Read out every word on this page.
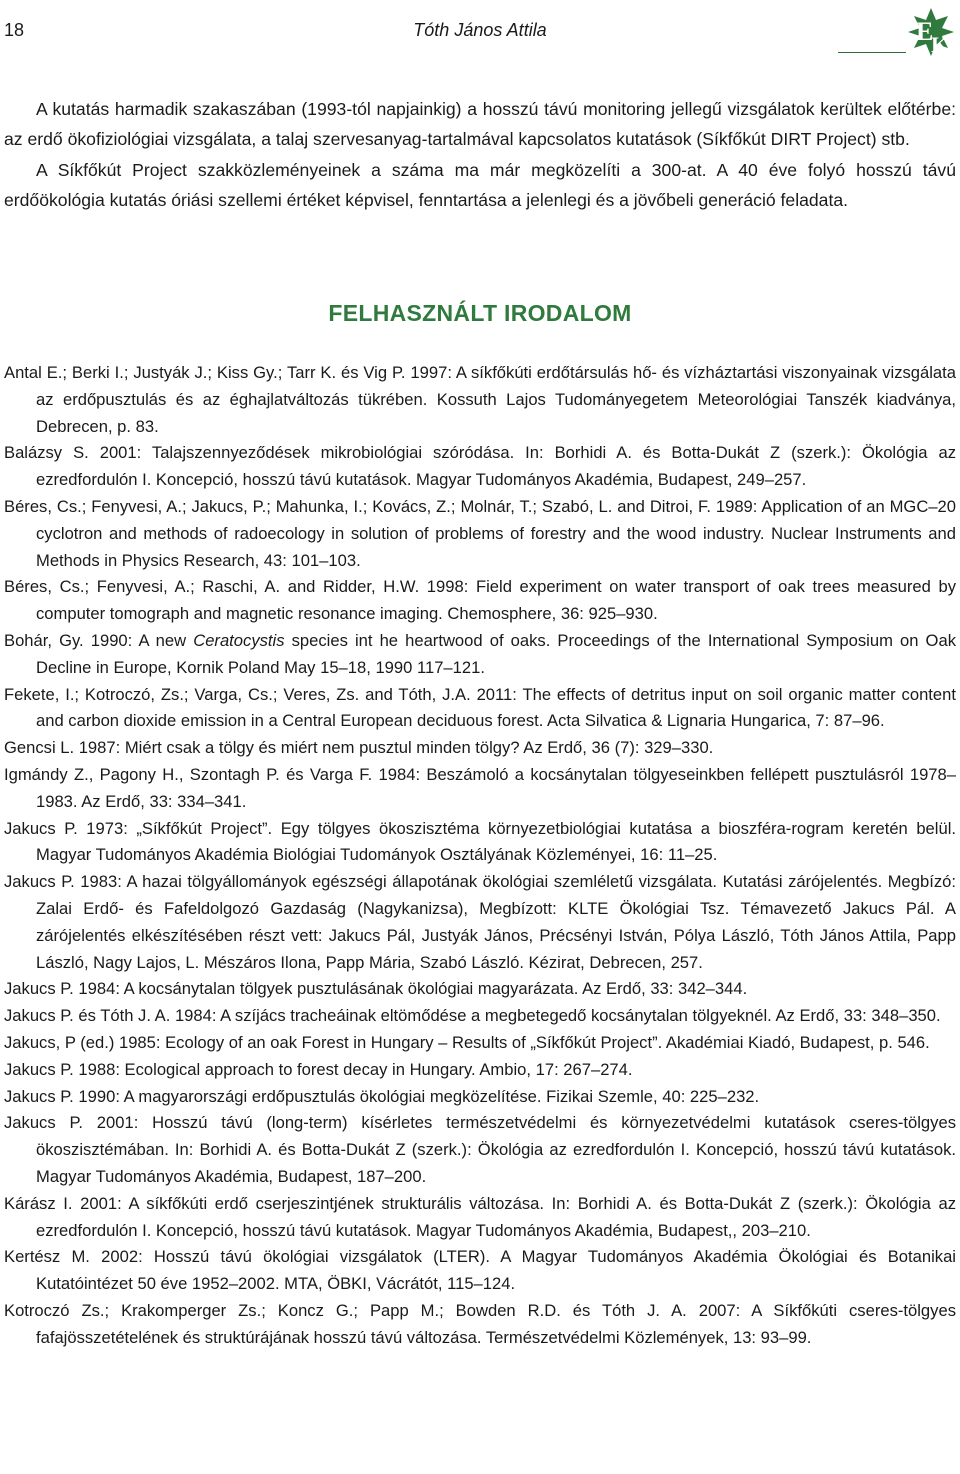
18	Tóth János Attila	E
K

A kutatás harmadik szakaszában (1993-tól napjainkig) a hosszú távú monitoring jellegű vizsgálatok kerültek előtérbe: az erdő ökofiziológiai vizsgálata, a talaj szervesanyag-tartalmával kapcsolatos kutatások (Síkfőkút DIRT Project) stb.

A Síkfőkút Project szakközleményeinek a száma ma már megközelíti a 300-at. A 40 éve folyó hosszú távú erdőökológia kutatás óriási szellemi értéket képvisel, fenntartása a jelenlegi és a jövőbeli generáció feladata.

FELHASZNÁLT IRODALOM

Antal E.; Berki I.; Justyák J.; Kiss Gy.; Tarr K. és Vig P. 1997: A síkfőkúti erdőtársulás hő- és vízháztartási viszonyainak vizsgálata az erdőpusztulás és az éghajlatváltozás tükrében. Kossuth Lajos Tudományegetem Meteorológiai Tanszék kiadványa, Debrecen, p. 83.

Balázsy S. 2001: Talajszennyeződések mikrobiológiai szóródása. In: Borhidi A. és Botta-Dukát Z (szerk.): Ökológia az ezredfordulón I. Koncepció, hosszú távú kutatások. Magyar Tudományos Akadémia, Budapest, 249–257.

Béres, Cs.; Fenyvesi, A.; Jakucs, P.; Mahunka, I.; Kovács, Z.; Molnár, T.; Szabó, L. and Ditroi, F. 1989: Application of an MGC–20 cyclotron and methods of radoecology in solution of problems of forestry and the wood industry. Nuclear Instruments and Methods in Physics Research, 43: 101–103.

Béres, Cs.; Fenyvesi, A.; Raschi, A. and Ridder, H.W. 1998: Field experiment on water transport of oak trees measured by computer tomograph and magnetic resonance imaging. Chemosphere, 36: 925–930.

Bohár, Gy. 1990: A new Ceratocystis species int he heartwood of oaks. Proceedings of the International Symposium on Oak Decline in Europe, Kornik Poland May 15–18, 1990 117–121.

Fekete, I.; Kotroczó, Zs.; Varga, Cs.; Veres, Zs. and Tóth, J.A. 2011: The effects of detritus input on soil organic matter content and carbon dioxide emission in a Central European deciduous forest. Acta Silvatica & Lignaria Hungarica, 7: 87–96.

Gencsi L. 1987: Miért csak a tölgy és miért nem pusztul minden tölgy? Az Erdő, 36 (7): 329–330.

Igmándy Z., Pagony H., Szontagh P. és Varga F. 1984: Beszámoló a kocsánytalan tölgyeseinkben fellépett pusztulásról 1978–1983. Az Erdő, 33: 334–341.

Jakucs P. 1973: „Síkfőkút Project”. Egy tölgyes ökoszisztéma környezetbiológiai kutatása a bioszféra-rogram keretén belül. Magyar Tudományos Akadémia Biológiai Tudományok Osztályának Közleményei, 16: 11–25.

Jakucs P. 1983: A hazai tölgyállományok egészségi állapotának ökológiai szemléletű vizsgálata. Kutatási zárójelentés. Megbízó: Zalai Erdő- és Fafeldolgozó Gazdaság (Nagykanizsa), Megbízott: KLTE Ökológiai Tsz. Témavezető Jakucs Pál. A zárójelentés elkészítésében részt vett: Jakucs Pál, Justyák János, Précsényi István, Pólya László, Tóth János Attila, Papp László, Nagy Lajos, L. Mészáros Ilona, Papp Mária, Szabó László. Kézirat, Debrecen, 257.

Jakucs P. 1984: A kocsánytalan tölgyek pusztulásának ökológiai magyarázata. Az Erdő, 33: 342–344.

Jakucs P. és Tóth J. A. 1984: A szíjács tracheáinak eltömődése a megbetegedő kocsánytalan tölgyeknél. Az Erdő, 33: 348–350.

Jakucs, P (ed.) 1985: Ecology of an oak Forest in Hungary – Results of „Síkfőkút Project”. Akadémiai Kiadó, Budapest, p. 546.

Jakucs P. 1988: Ecological approach to forest decay in Hungary. Ambio, 17: 267–274.

Jakucs P. 1990: A magyarországi erdőpusztulás ökológiai megközelítése. Fizikai Szemle, 40: 225–232.

Jakucs P. 2001: Hosszú távú (long-term) kísérletes természetvédelmi és környezetvédelmi kutatások cseres-tölgyes ökoszisztémában. In: Borhidi A. és Botta-Dukát Z (szerk.): Ökológia az ezredfordulón I. Koncepció, hosszú távú kutatások. Magyar Tudományos Akadémia, Budapest, 187–200.

Kárász I. 2001: A síkfőkúti erdő cserjeszintjének strukturális változása. In: Borhidi A. és Botta-Dukát Z (szerk.): Ökológia az ezredfordulón I. Koncepció, hosszú távú kutatások. Magyar Tudományos Akadémia, Budapest,, 203–210.

Kertész M. 2002: Hosszú távú ökológiai vizsgálatok (LTER). A Magyar Tudományos Akadémia Ökológiai és Botanikai Kutatóintézet 50 éve 1952–2002. MTA, ÖBKI, Vácrátót, 115–124.

Kotroczó Zs.; Krakomperger Zs.; Koncz G.; Papp M.; Bowden R.D. és Tóth J. A. 2007: A Síkfőkúti cseres-tölgyes fafajösszetételének és struktúrájának hosszú távú változása. Természetvédelmi Közlemények, 13: 93–99.
